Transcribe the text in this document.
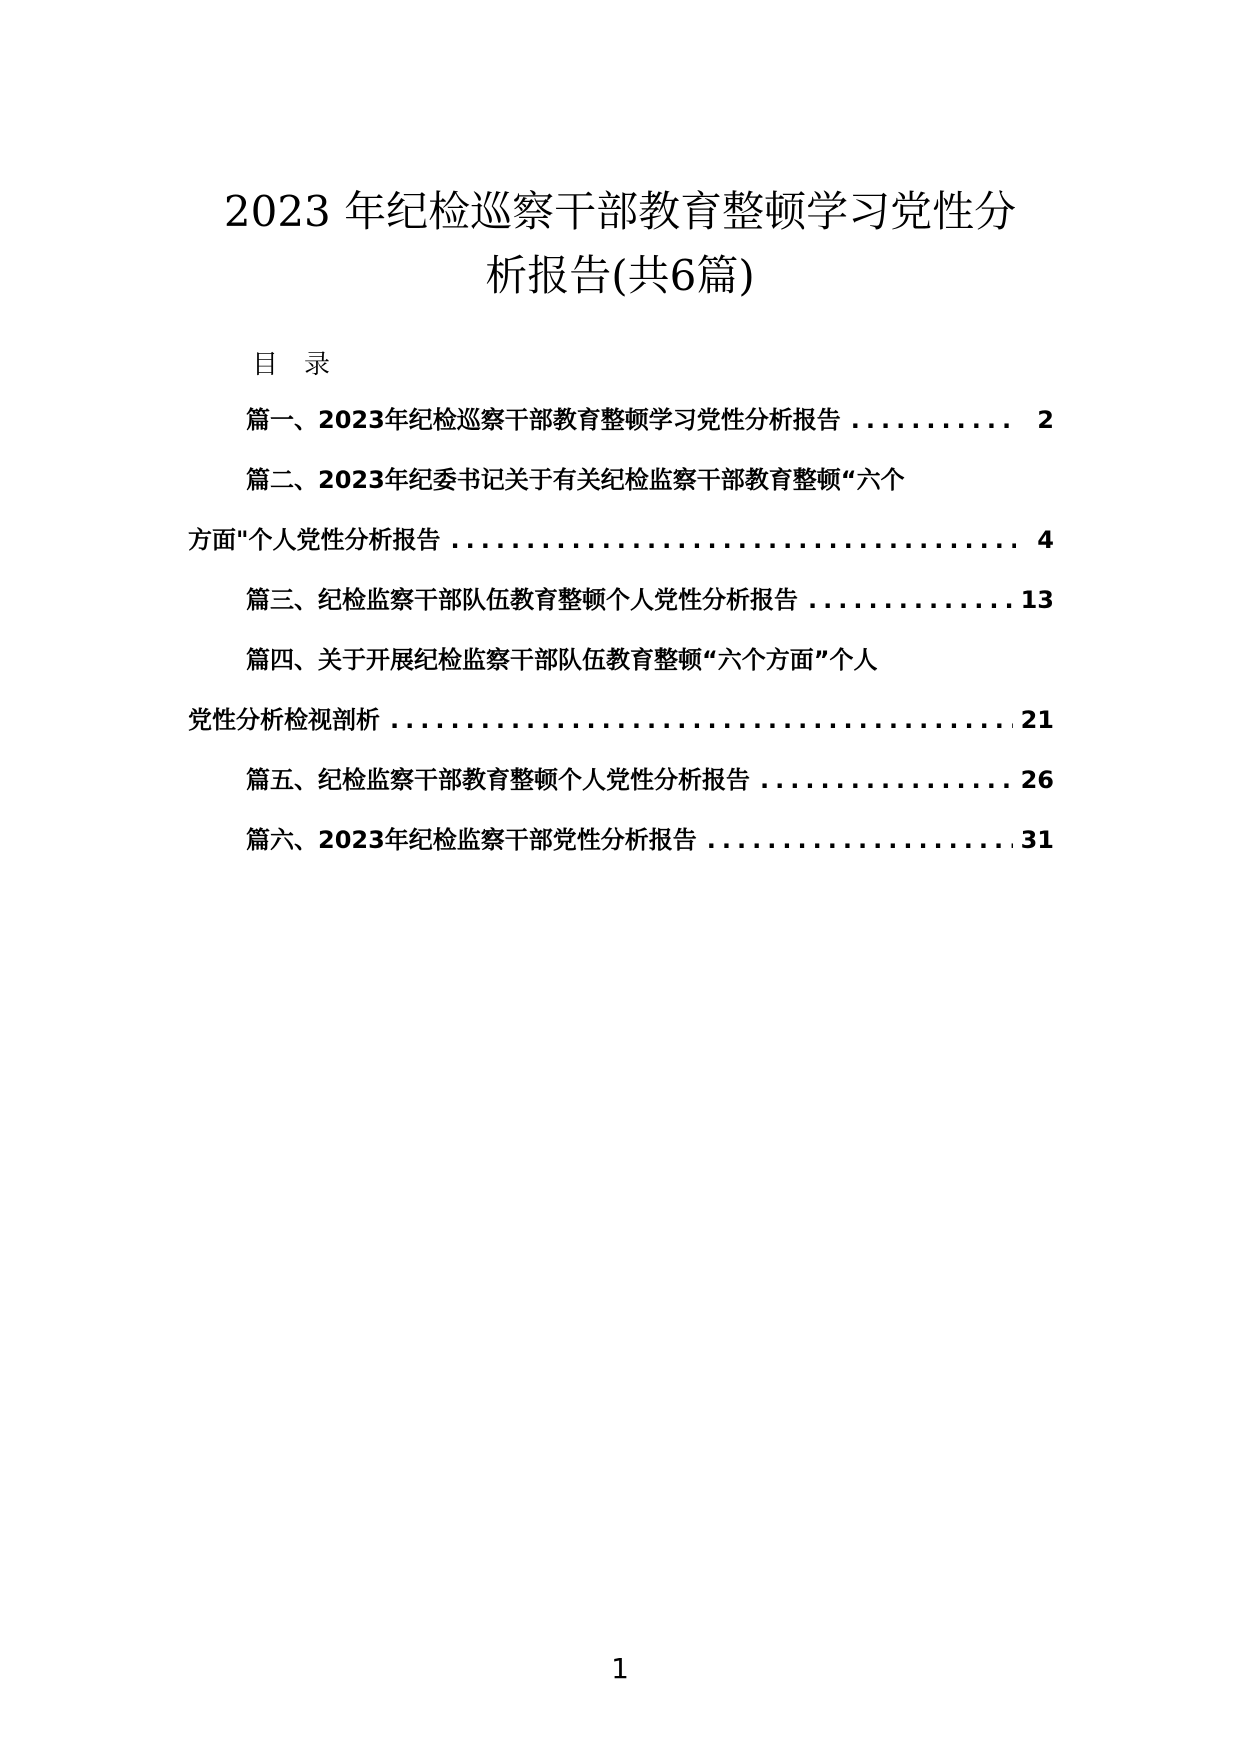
2023 年纪检巡察干部教育整顿学习党性分
析报告(共6篇)
目录
篇一、2023年纪检巡察干部教育整顿学习党性分析报告 .....	2
篇二、2023年纪委书记关于有关纪检监察干部教育整顿“六个
方面"个人党性分析报告 .....	4
篇三、纪检监察干部队伍教育整顿个人党性分析报告 .....	13
篇四、关于开展纪检监察干部队伍教育整顿“六个方面”个人
党性分析检视剖析 .....	21
篇五、纪检监察干部教育整顿个人党性分析报告 .....	26
篇六、2023年纪检监察干部党性分析报告 .....	31
1
